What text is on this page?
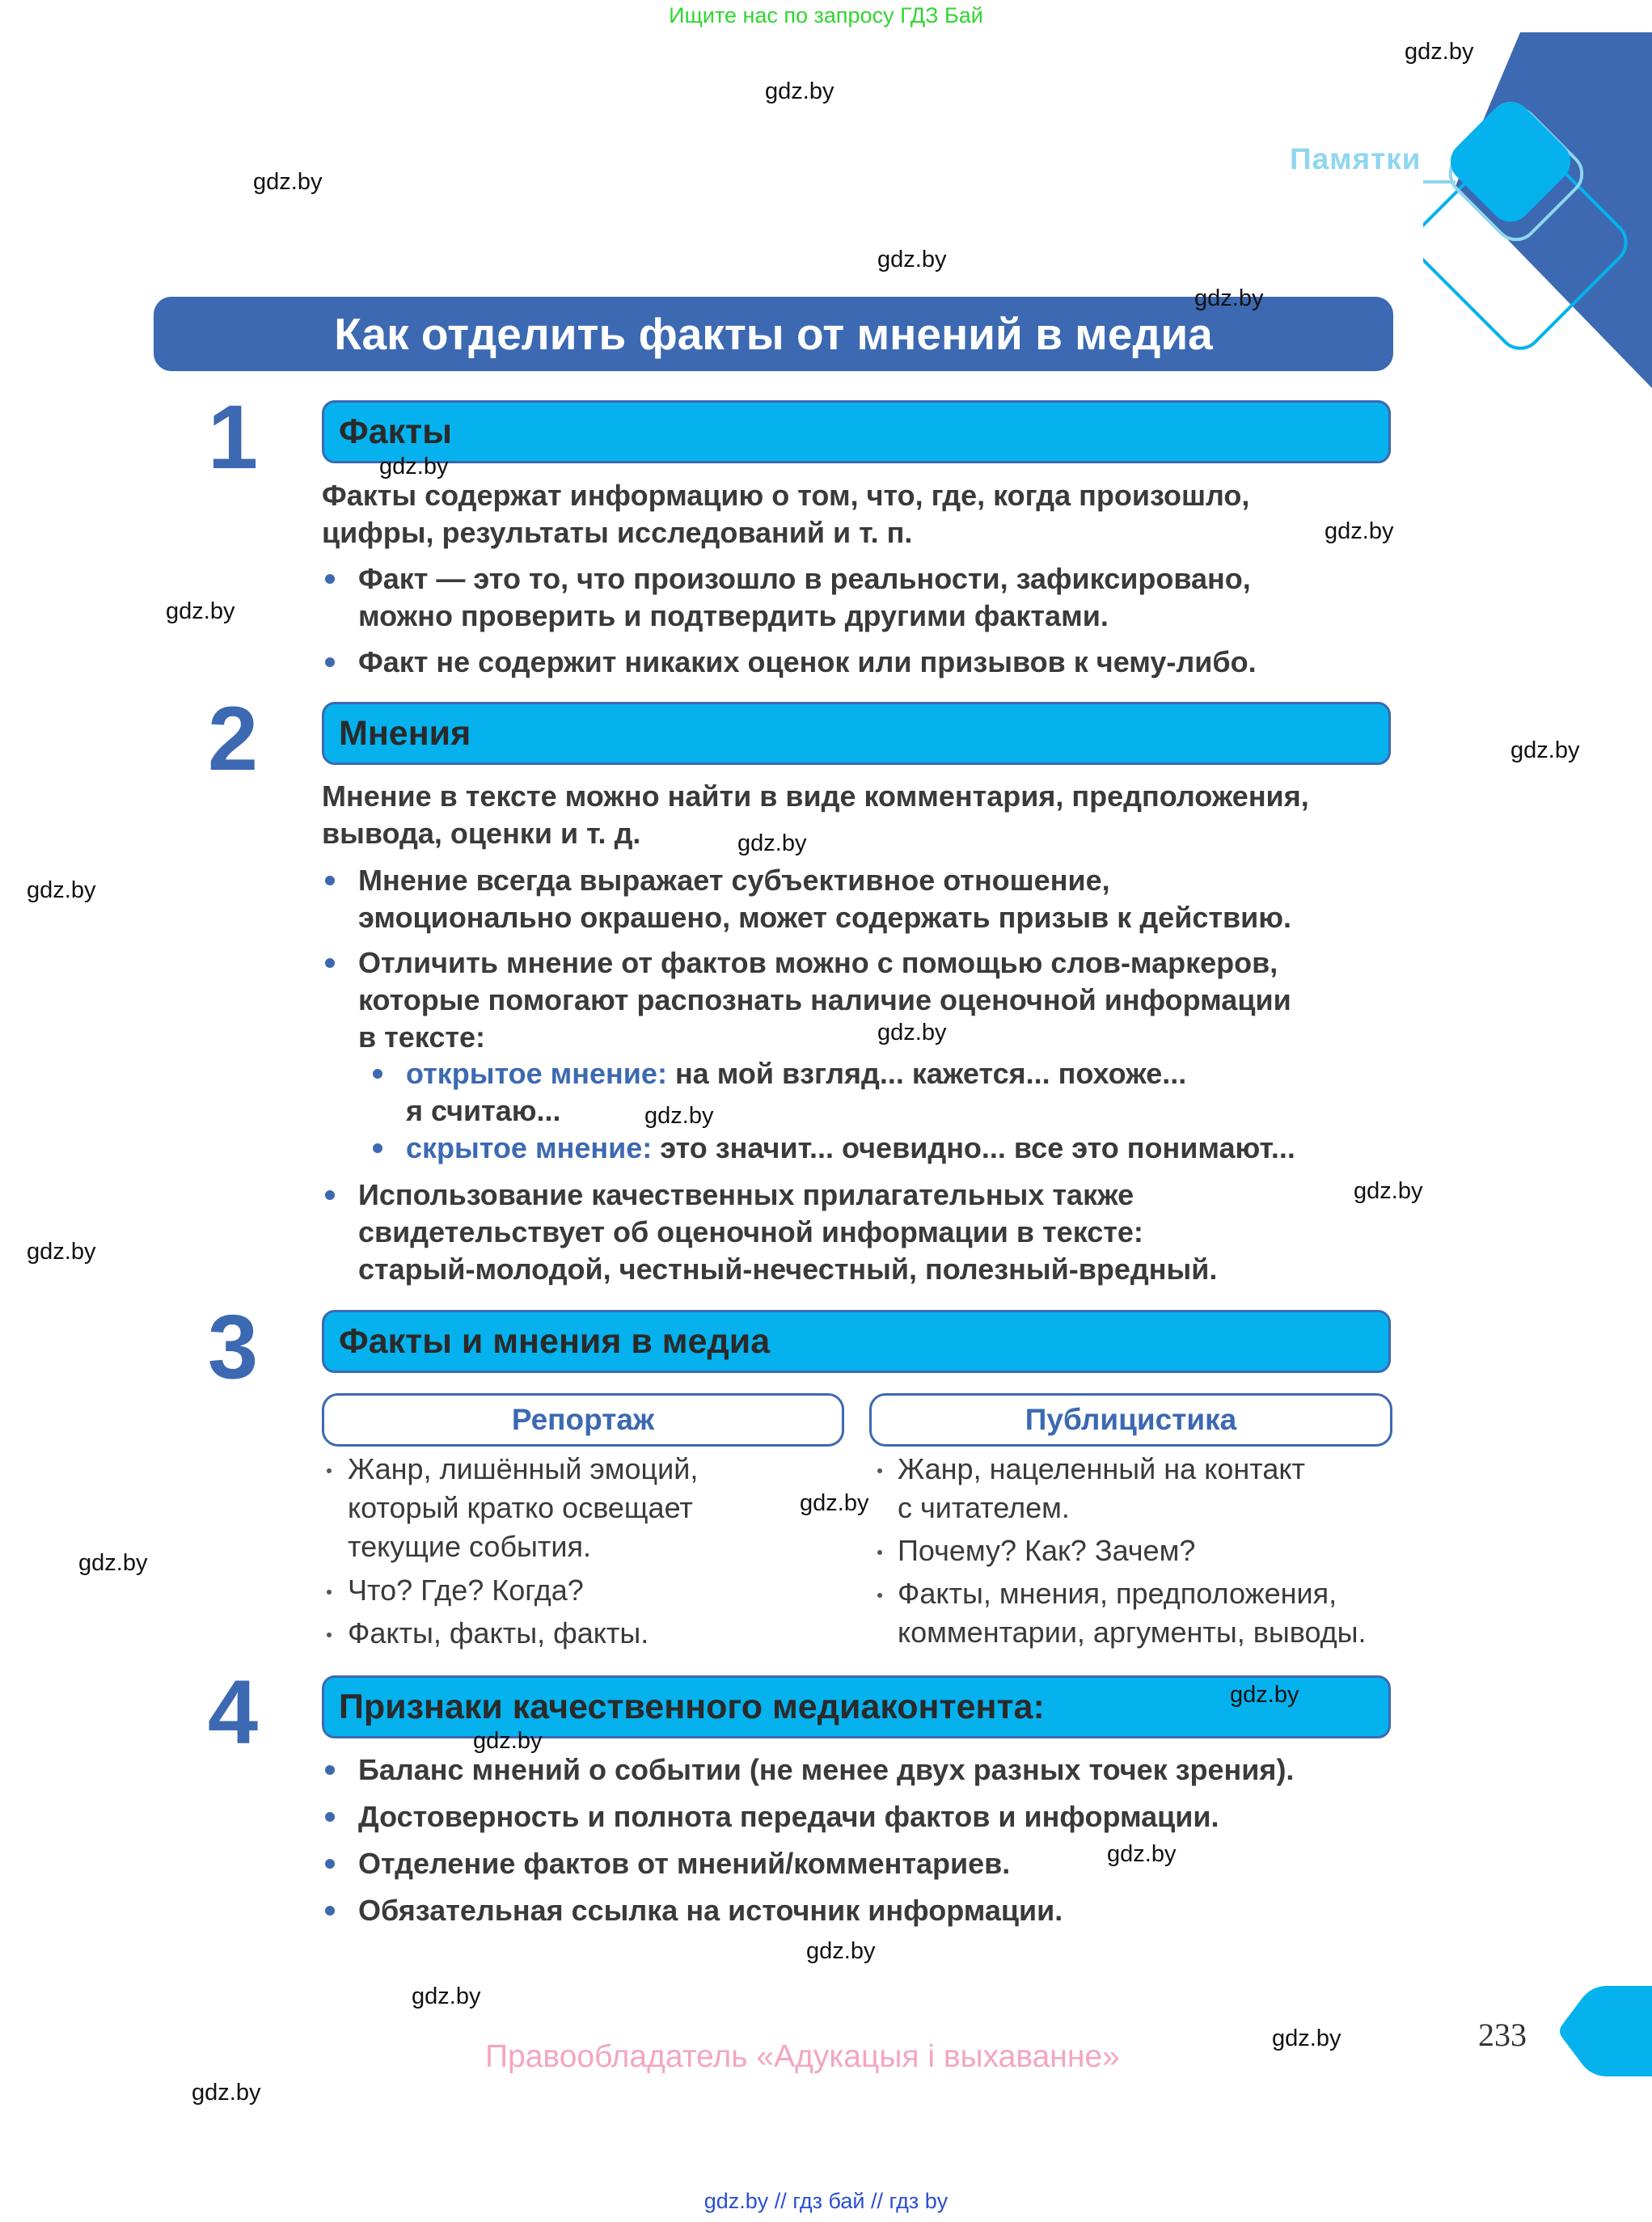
Ищите нас по запросу ГДЗ Бай
Памятки
Как отделить факты от мнений в медиа
1	Факты
Факты содержат информацию о том, что, где, когда произошло,
цифры, результаты исследований и т. п.
Факт — это то, что произошло в реальности, зафиксировано,
можно проверить и подтвердить другими фактами.
Факт не содержит никаких оценок или призывов к чему-либо.
2	Мнения
Мнение в тексте можно найти в виде комментария, предположения,
вывода, оценки и т. д.
Мнение всегда выражает субъективное отношение,
эмоционально окрашено, может содержать призыв к действию.
Отличить мнение от фактов можно с помощью слов-маркеров,
которые помогают распознать наличие оценочной информации
в тексте:
открытое мнение: на мой взгляд... кажется... похоже...
я считаю...
скрытое мнение: это значит... очевидно... все это понимают...
Использование качественных прилагательных также
свидетельствует об оценочной информации в тексте:
старый-молодой, честный-нечестный, полезный-вредный.
3	Факты и мнения в медиа
Репортаж	Публицистика
Жанр, лишённый эмоций,
который кратко освещает
текущие события.
Что? Где? Когда?
Факты, факты, факты.
Жанр, нацеленный на контакт
с читателем.
Почему? Как? Зачем?
Факты, мнения, предположения,
комментарии, аргументы, выводы.
4	Признаки качественного медиаконтента:
Баланс мнений о событии (не менее двух разных точек зрения).
Достоверность и полнота передачи фактов и информации.
Отделение фактов от мнений/комментариев.
Обязательная ссылка на источник информации.
233
Правообладатель «Адукацыя і выхаванне»
gdz.by // гдз бай // гдз by
gdz.by
gdz.by
gdz.by
gdz.by
gdz.by
gdz.by
gdz.by
gdz.by
gdz.by
gdz.by
gdz.by
gdz.by
gdz.by
gdz.by
gdz.by
gdz.by
gdz.by
gdz.by
gdz.by
gdz.by
gdz.by
gdz.by
gdz.by
gdz.by
